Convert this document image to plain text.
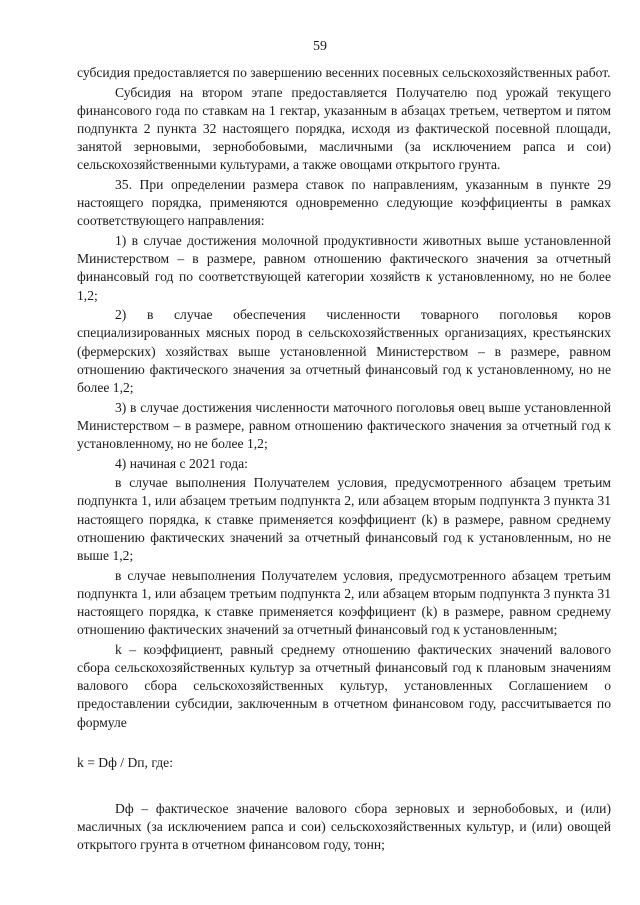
59

субсидия предоставляется по завершению весенних посевных сельскохозяйственных работ.

Субсидия на втором этапе предоставляется Получателю под урожай текущего финансового года по ставкам на 1 гектар, указанным в абзацах третьем, четвертом и пятом подпункта 2 пункта 32 настоящего порядка, исходя из фактической посевной площади, занятой зерновыми, зернобобовыми, масличными (за исключением рапса и сои) сельскохозяйственными культурами, а также овощами открытого грунта.

35. При определении размера ставок по направлениям, указанным в пункте 29 настоящего порядка, применяются одновременно следующие коэффициенты в рамках соответствующего направления:

1) в случае достижения молочной продуктивности животных выше установленной Министерством – в размере, равном отношению фактического значения за отчетный финансовый год по соответствующей категории хозяйств к установленному, но не более 1,2;

2) в случае обеспечения численности товарного поголовья коров специализированных мясных пород в сельскохозяйственных организациях, крестьянских (фермерских) хозяйствах выше установленной Министерством – в размере, равном отношению фактического значения за отчетный финансовый год к установленному, но не более 1,2;

3) в случае достижения численности маточного поголовья овец выше установленной Министерством – в размере, равном отношению фактического значения за отчетный год к установленному, но не более 1,2;

4) начиная с 2021 года:

в случае выполнения Получателем условия, предусмотренного абзацем третьим подпункта 1, или абзацем третьим подпункта 2, или абзацем вторым подпункта 3 пункта 31 настоящего порядка, к ставке применяется коэффициент (k) в размере, равном среднему отношению фактических значений за отчетный финансовый год к установленным, но не выше 1,2;

в случае невыполнения Получателем условия, предусмотренного абзацем третьим подпункта 1, или абзацем третьим подпункта 2, или абзацем вторым подпункта 3 пункта 31 настоящего порядка, к ставке применяется коэффициент (k) в размере, равном среднему отношению фактических значений за отчетный финансовый год к установленным;

k – коэффициент, равный среднему отношению фактических значений валового сбора сельскохозяйственных культур за отчетный финансовый год к плановым значениям валового сбора сельскохозяйственных культур, установленных Соглашением о предоставлении субсидии, заключенным в отчетном финансовом году, рассчитывается по формуле

k = Dф / Dп, где:

Dф – фактическое значение валового сбора зерновых и зернобобовых, и (или) масличных (за исключением рапса и сои) сельскохозяйственных культур, и (или) овощей открытого грунта в отчетном финансовом году, тонн;
